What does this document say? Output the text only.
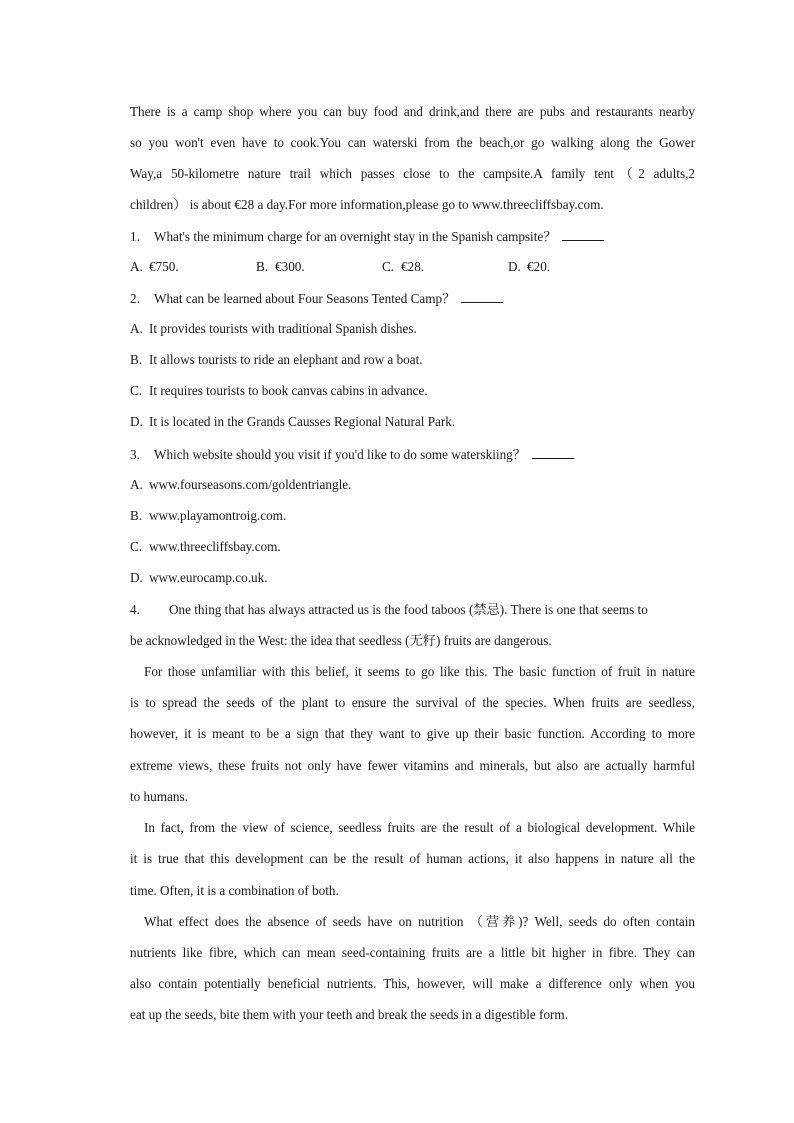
There is a camp shop where you can buy food and drink,and there are pubs and restaurants nearby
so you won't even have to cook.You can waterski from the beach,or go walking along the Gower
Way,a 50-kilometre nature trail which passes close to the campsite.A family tent（2 adults,2
children） is about €28 a day.For more information,please go to www.threecliffsbay.com.
1. What's the minimum charge for an overnight stay in the Spanish campsite？
A. €750.	B. €300.	C. €28.	D. €20.
2. What can be learned about Four Seasons Tented Camp？
A. It provides tourists with traditional Spanish dishes.
B. It allows tourists to ride an elephant and row a boat.
C. It requires tourists to book canvas cabins in advance.
D. It is located in the Grands Causses Regional Natural Park.
3. Which website should you visit if you'd like to do some waterskiing？
A. www.fourseasons.com/goldentriangle.
B. www.playamontroig.com.
C. www.threecliffsbay.com.
D. www.eurocamp.co.uk.
4. One thing that has always attracted us is the food taboos (禁忌). There is one that seems to
be acknowledged in the West: the idea that seedless (无籽) fruits are dangerous.
For those unfamiliar with this belief, it seems to go like this. The basic function of fruit in nature
is to spread the seeds of the plant to ensure the survival of the species. When fruits are seedless,
however, it is meant to be a sign that they want to give up their basic function. According to more
extreme views, these fruits not only have fewer vitamins and minerals, but also are actually harmful
to humans.
In fact, from the view of science, seedless fruits are the result of a biological development. While
it is true that this development can be the result of human actions, it also happens in nature all the
time. Often, it is a combination of both.
What effect does the absence of seeds have on nutrition （营养)? Well, seeds do often contain
nutrients like fibre, which can mean seed-containing fruits are a little bit higher in fibre. They can
also contain potentially beneficial nutrients. This, however, will make a difference only when you
eat up the seeds, bite them with your teeth and break the seeds in a digestible form.
